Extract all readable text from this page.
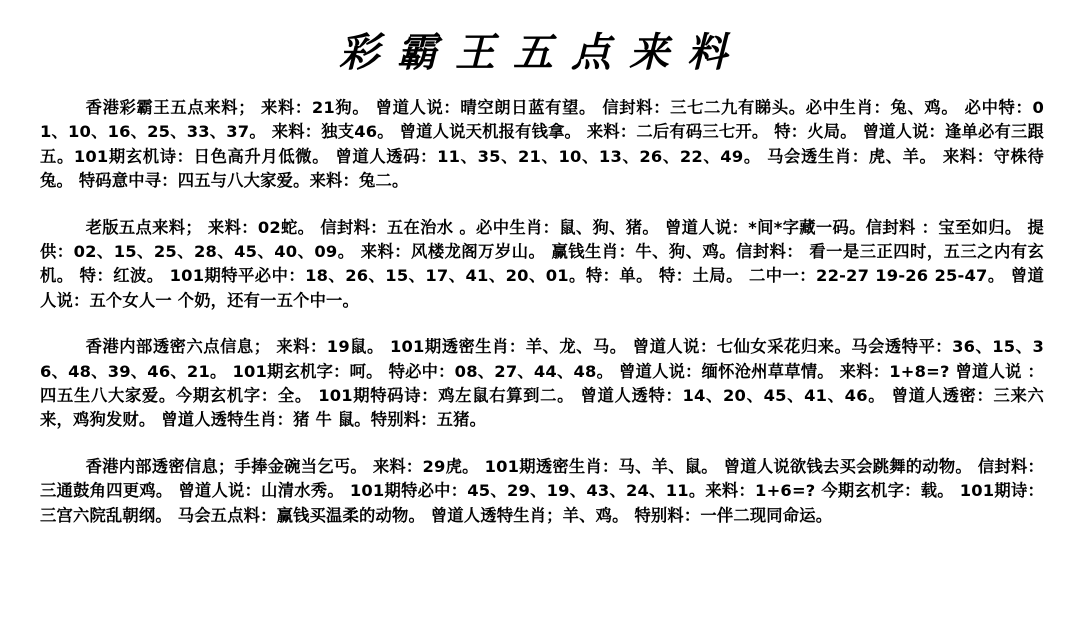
彩霸王五点来料

香港彩霸王五点来料； 来料：21狗。 曾道人说：晴空朗日蓝有望。 信封料：三七二九有睇头。必中生肖：兔、鸡。 必中特：01、10、16、25、33、37。 来料：独支46。 曾道人说天机报有钱拿。 来料：二后有码三七开。 特：火局。 曾道人说：逢单必有三跟五。101期玄机诗：日色高升月低微。 曾道人透码：11、35、21、10、13、26、22、49。 马会透生肖：虎、羊。 来料：守株待兔。 特码意中寻：四五与八大家爱。来料：兔二。

老版五点来料； 来料：02蛇。 信封料：五在治水 。必中生肖：鼠、狗、猪。 曾道人说：*间*字藏一码。信封料 ：宝至如归。 提供：02、15、25、28、45、40、09。 来料：风楼龙阁万岁山。 赢钱生肖：牛、狗、鸡。信封料： 看一是三正四时，五三之内有玄机。 特：红波。 101期特平必中：18、26、15、17、41、20、01。特：单。 特：土局。 二中一：22-27 19-26 25-47。 曾道人说：五个女人一 个奶，还有一五个中一。

香港内部透密六点信息； 来料：19鼠。 101期透密生肖：羊、龙、马。 曾道人说：七仙女采花归来。马会透特平：36、15、36、48、39、46、21。 101期玄机字：呵。 特必中：08、27、44、48。 曾道人说：缅怀沧州草草情。 来料：1+8=? 曾道人说 ：四五生八大家爱。今期玄机字：全。 101期特码诗：鸡左鼠右算到二。 曾道人透特：14、20、45、41、46。 曾道人透密：三来六来，鸡狗发财。 曾道人透特生肖：猪 牛 鼠。特别料：五猪。

香港内部透密信息；手捧金碗当乞丐。 来料：29虎。 101期透密生肖：马、羊、鼠。 曾道人说欲钱去买会跳舞的动物。 信封料：三通鼓角四更鸡。 曾道人说：山清水秀。 101期特必中：45、29、19、43、24、11。来料：1+6=? 今期玄机字：载。 101期诗：三宫六院乱朝纲。 马会五点料：赢钱买温柔的动物。 曾道人透特生肖；羊、鸡。 特别料：一伴二现同命运。
